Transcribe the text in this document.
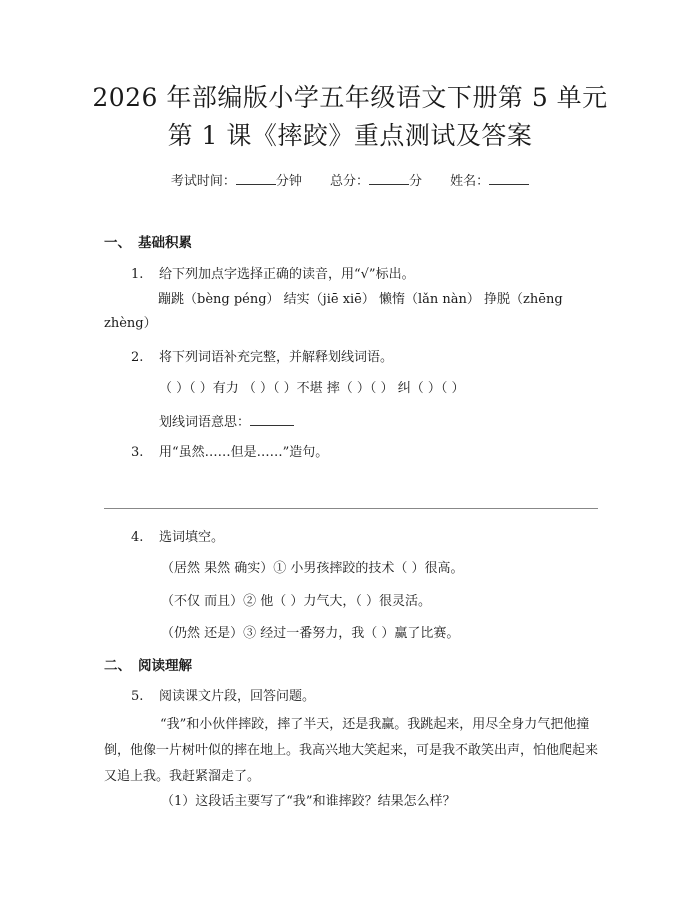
2026 年部编版小学五年级语文下册第 5 单元
第 1 课《摔跤》重点测试及答案
考试时间：	分钟 总分：	分 姓名：
一、 基础积累
1. 给下列加点字选择正确的读音，用“√”标出。
蹦跳（bèng péng） 结实（jiē xiē） 懒惰（lǎn nàn） 挣脱（zhēng zhèng）
2. 将下列词语补充完整，并解释划线词语。
（ ）（ ）有力 （ ）（ ）不堪 摔（ ）（ ） 纠（ ）（ ）
划线词语意思：
3. 用“虽然……但是……”造句。
4. 选词填空。
（居然 果然 确实）① 小男孩摔跤的技术（ ）很高。
（不仅 而且）② 他（ ）力气大，（ ）很灵活。
（仍然 还是）③ 经过一番努力，我（ ）赢了比赛。
二、 阅读理解
5. 阅读课文片段，回答问题。
“我”和小伙伴摔跤，摔了半天，还是我赢。我跳起来，用尽全身力气把他撞倒，他像一片树叶似的摔在地上。我高兴地大笑起来，可是我不敢笑出声，怕他爬起来又追上我。我赶紧溜走了。
（1）这段话主要写了“我”和谁摔跤？结果怎么样？
